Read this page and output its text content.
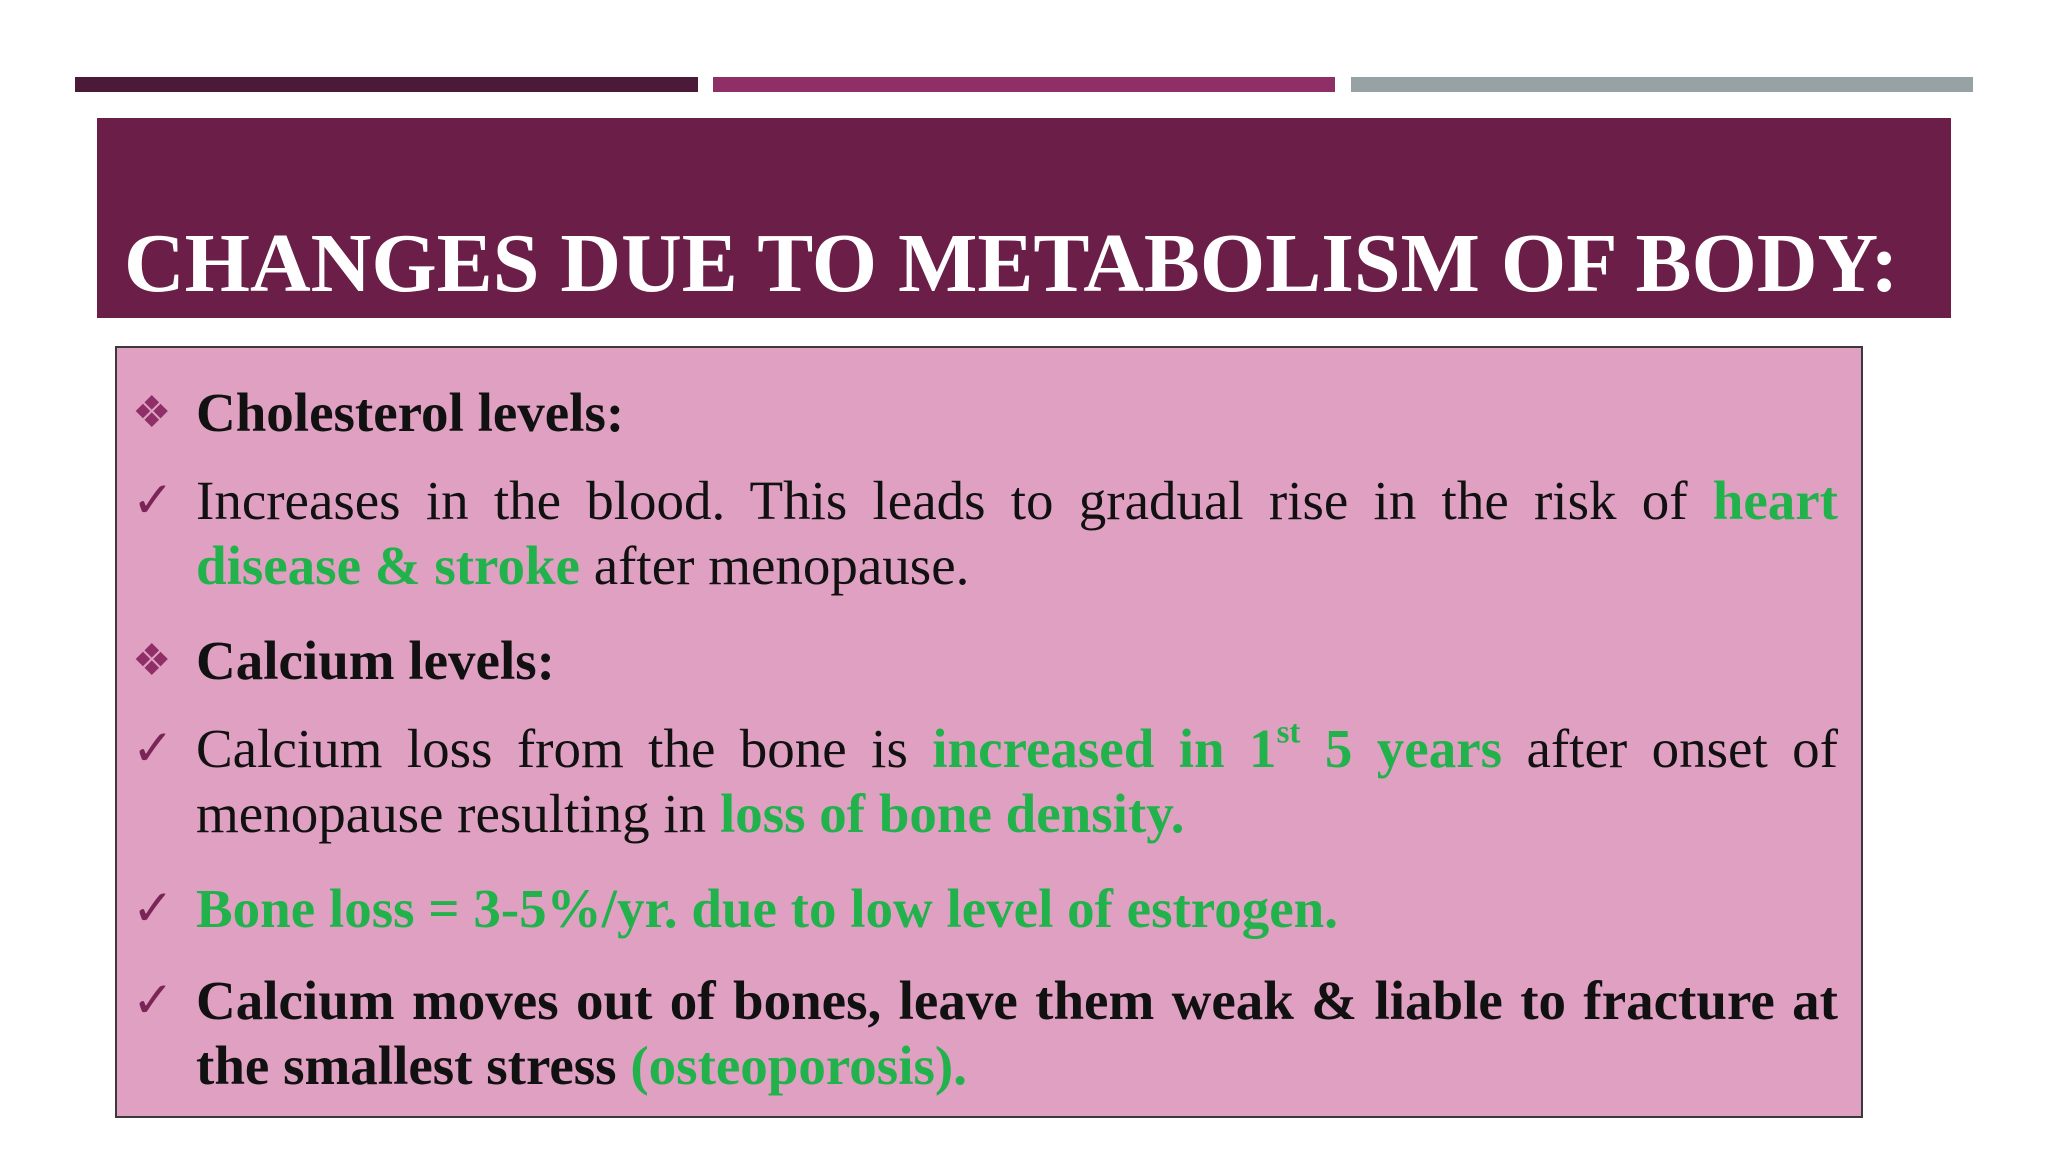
CHANGES DUE TO METABOLISM OF BODY:
❖ Cholesterol levels:
✓ Increases in the blood. This leads to gradual rise in the risk of heart disease & stroke after menopause.
❖ Calcium levels:
✓ Calcium loss from the bone is increased in 1st 5 years after onset of menopause resulting in loss of bone density.
✓ Bone loss = 3-5%/yr. due to low level of estrogen.
✓ Calcium moves out of bones, leave them weak & liable to fracture at the smallest stress (osteoporosis).
